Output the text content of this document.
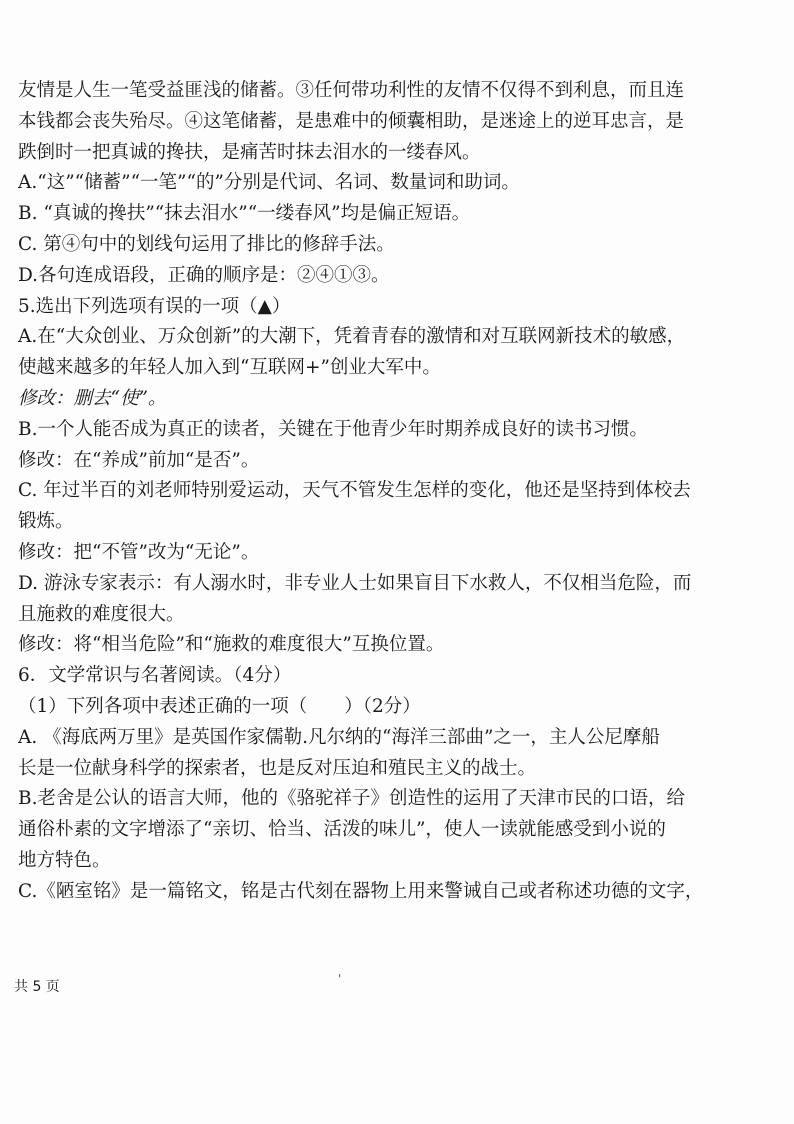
友情是人生一笔受益匪浅的储蓄。③任何带功利性的友情不仅得不到利息，而且连
本钱都会丧失殆尽。④这笔储蓄，是患难中的倾囊相助，是迷途上的逆耳忠言，是
跌倒时一把真诚的搀扶，是痛苦时抹去泪水的一缕春风。
A.“这”“储蓄”“一笔”“的”分别是代词、名词、数量词和助词。
B. “真诚的搀扶”“抹去泪水”“一缕春风”均是偏正短语。
C. 第④句中的划线句运用了排比的修辞手法。
D.各句连成语段，正确的顺序是：②④①③。
5.选出下列选项有误的一项（▲）
A.在“大众创业、万众创新”的大潮下，凭着青春的激情和对互联网新技术的敏感，
使越来越多的年轻人加入到“互联网+”创业大军中。
修改：删去“使”。
B.一个人能否成为真正的读者，关键在于他青少年时期养成良好的读书习惯。
修改：在“养成”前加“是否”。
C. 年过半百的刘老师特别爱运动，天气不管发生怎样的变化，他还是坚持到体校去
锻炼。
修改：把“不管”改为“无论”。
D. 游泳专家表示：有人溺水时，非专业人士如果盲目下水救人，不仅相当危险，而
且施救的难度很大。
修改：将“相当危险”和“施救的难度很大”互换位置。
6．文学常识与名著阅读。（4分）
（1）下列各项中表述正确的一项（　　）（2分）
A. 《海底两万里》是英国作家儒勒.凡尔纳的“海洋三部曲”之一，主人公尼摩船
长是一位献身科学的探索者，也是反对压迫和殖民主义的战士。
B.老舍是公认的语言大师，他的《骆驼祥子》创造性的运用了天津市民的口语，给
通俗朴素的文字增添了“亲切、恰当、活泼的味儿”，使人一读就能感受到小说的
地方特色。
C.《陋室铭》是一篇铭文，铭是古代刻在器物上用来警诫自己或者称述功德的文字，
共 5 页	'
